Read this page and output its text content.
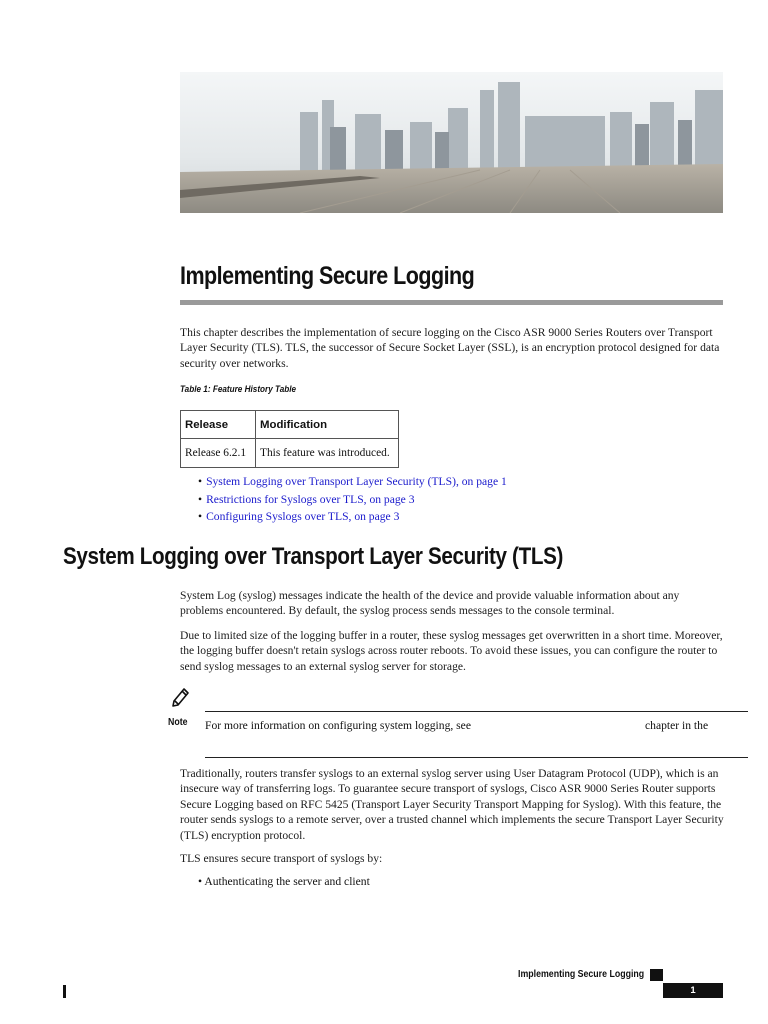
Implementing Secure Logging

This chapter describes the implementation of secure logging on the Cisco ASR 9000 Series Routers over Transport Layer Security (TLS). TLS, the successor of Secure Socket Layer (SSL), is an encryption protocol designed for data security over networks.

Table 1: Feature History Table
Release	Modification
Release 6.2.1	This feature was introduced.
• System Logging over Transport Layer Security (TLS), on page 1
• Restrictions for Syslogs over TLS, on page 3
• Configuring Syslogs over TLS, on page 3
System Logging over Transport Layer Security (TLS)

System Log (syslog) messages indicate the health of the device and provide valuable information about any problems encountered. By default, the syslog process sends messages to the console terminal.

Due to limited size of the logging buffer in a router, these syslog messages get overwritten in a short time. Moreover, the logging buffer doesn't retain syslogs across router reboots. To avoid these issues, you can configure the router to send syslog messages to an external syslog server for storage.

Note For more information on configuring system logging, see	chapter in the

Traditionally, routers transfer syslogs to an external syslog server using User Datagram Protocol (UDP), which is an insecure way of transferring logs. To guarantee secure transport of syslogs, Cisco ASR 9000 Series Router supports Secure Logging based on RFC 5425 (Transport Layer Security Transport Mapping for Syslog). With this feature, the router sends syslogs to a remote server, over a trusted channel which implements the secure Transport Layer Security (TLS) encryption protocol.

TLS ensures secure transport of syslogs by:

• Authenticating the server and client
Implementing Secure Logging
1
